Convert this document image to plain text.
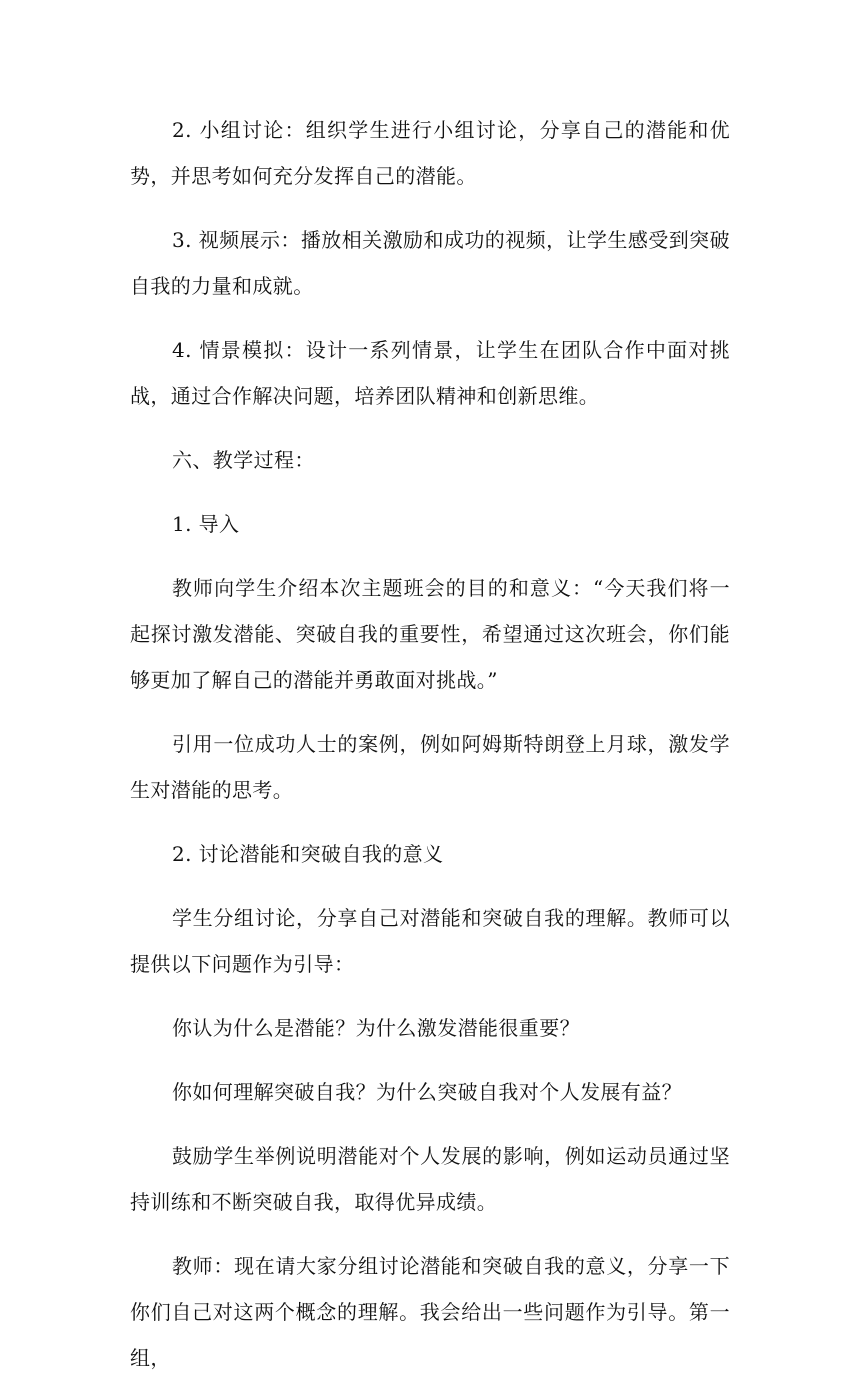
2. 小组讨论：组织学生进行小组讨论，分享自己的潜能和优势，并思考如何充分发挥自己的潜能。

3. 视频展示：播放相关激励和成功的视频，让学生感受到突破自我的力量和成就。

4. 情景模拟：设计一系列情景，让学生在团队合作中面对挑战，通过合作解决问题，培养团队精神和创新思维。

六、教学过程：

1. 导入

教师向学生介绍本次主题班会的目的和意义：“今天我们将一起探讨激发潜能、突破自我的重要性，希望通过这次班会，你们能够更加了解自己的潜能并勇敢面对挑战。”

引用一位成功人士的案例，例如阿姆斯特朗登上月球，激发学生对潜能的思考。

2. 讨论潜能和突破自我的意义

学生分组讨论，分享自己对潜能和突破自我的理解。教师可以提供以下问题作为引导：

你认为什么是潜能？为什么激发潜能很重要？

你如何理解突破自我？为什么突破自我对个人发展有益？

鼓励学生举例说明潜能对个人发展的影响，例如运动员通过坚持训练和不断突破自我，取得优异成绩。

教师：现在请大家分组讨论潜能和突破自我的意义，分享一下你们自己对这两个概念的理解。我会给出一些问题作为引导。第一组，
